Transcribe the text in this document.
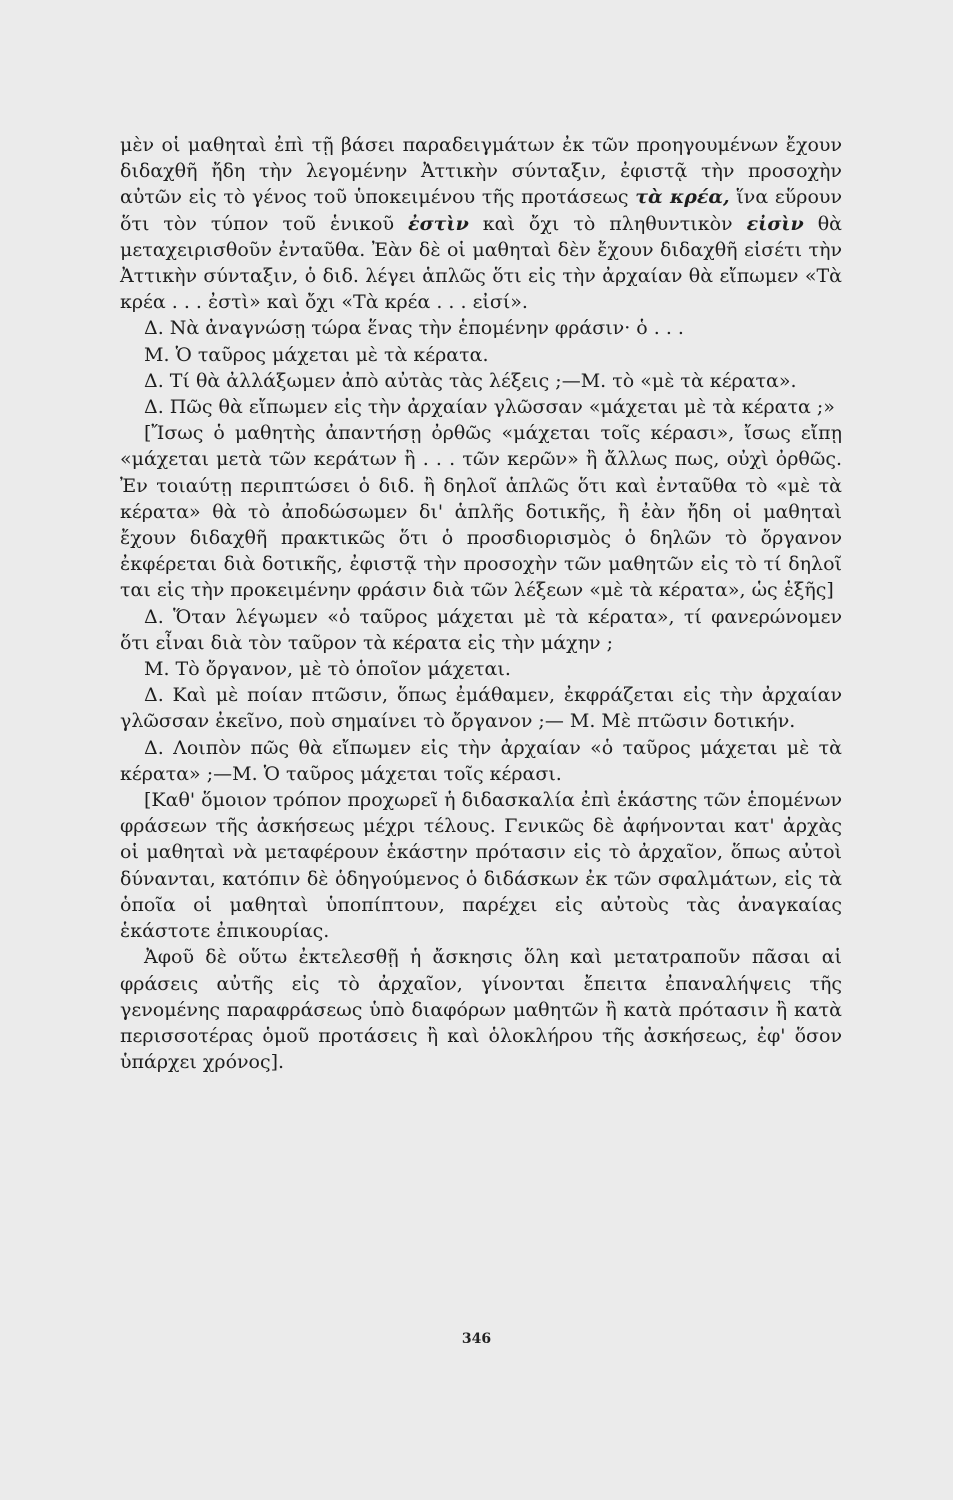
μὲν οἱ μαθηταὶ ἐπὶ τῇ βάσει παραδειγμάτων ἐκ τῶν προηγουμένων ἔχουν διδαχθῆ ἤδη τὴν λεγομένην Ἀττικὴν σύνταξιν, ἐφιστᾷ τὴν προσοχὴν αὐτῶν εἰς τὸ γένος τοῦ ὑποκειμένου τῆς προτάσεως τὰ κρέα, ἵνα εὕρουν ὅτι τὸν τύπον τοῦ ἑνικοῦ ἐστὶν καὶ ὄχι τὸ πληθυντικὸν εἰσὶν θὰ μεταχειρισθοῦν ἐνταῦθα. Ἐὰν δὲ οἱ μαθηταὶ δὲν ἔχουν διδαχθῆ εἰσέτι τὴν Ἀττικὴν σύνταξιν, ὁ διδ. λέγει ἁπλῶς ὅτι εἰς τὴν ἀρχαίαν θὰ εἴπωμεν «Τὰ κρέα . . . ἐστὶ» καὶ ὄχι «Τὰ κρέα . . . εἰσί».

Δ. Νὰ ἀναγνώσῃ τώρα ἕνας τὴν ἑπομένην φράσιν· ὁ . . .

Μ. Ὁ ταῦρος μάχεται μὲ τὰ κέρατα.

Δ. Τί θὰ ἀλλάξωμεν ἀπὸ αὐτὰς τὰς λέξεις ;—Μ. τὸ «μὲ τὰ κέρατα».

Δ. Πῶς θὰ εἴπωμεν εἰς τὴν ἀρχαίαν γλῶσσαν «μάχεται μὲ τὰ κέρατα ;»

[Ἴσως ὁ μαθητὴς ἀπαντήσῃ ὀρθῶς «μάχεται τοῖς κέρασι», ἴσως εἴπῃ «μάχεται μετὰ τῶν κεράτων ἢ . . . τῶν κερῶν» ἢ ἄλλως πως, οὐχὶ ὀρθῶς. Ἐν τοιαύτῃ περιπτώσει ὁ διδ. ἢ δηλοῖ ἁπλῶς ὅτι καὶ ἐνταῦθα τὸ «μὲ τὰ κέρατα» θὰ τὸ ἀποδώσωμεν δι' ἁπλῆς δοτικῆς, ἢ ἐὰν ἤδη οἱ μαθηταὶ ἔχουν διδαχθῆ πρακτικῶς ὅτι ὁ προσδιορισμὸς ὁ δηλῶν τὸ ὄργανον ἐκφέρεται διὰ δοτικῆς, ἐφιστᾷ τὴν προσοχὴν τῶν μαθητῶν εἰς τὸ τί δηλοῖ ται εἰς τὴν προκειμένην φράσιν διὰ τῶν λέξεων «μὲ τὰ κέρατα», ὡς ἑξῆς]

Δ. Ὅταν λέγωμεν «ὁ ταῦρος μάχεται μὲ τὰ κέρατα», τί φανερώνομεν ὅτι εἶναι διὰ τὸν ταῦρον τὰ κέρατα εἰς τὴν μάχην ;

Μ. Τὸ ὄργανον, μὲ τὸ ὁποῖον μάχεται.

Δ. Καὶ μὲ ποίαν πτῶσιν, ὅπως ἐμάθαμεν, ἐκφράζεται εἰς τὴν ἀρχαίαν γλῶσσαν ἐκεῖνο, ποὺ σημαίνει τὸ ὄργανον ;— Μ. Μὲ πτῶσιν δοτικήν.

Δ. Λοιπὸν πῶς θὰ εἴπωμεν εἰς τὴν ἀρχαίαν «ὁ ταῦρος μάχεται μὲ τὰ κέρατα» ;—Μ. Ὁ ταῦρος μάχεται τοῖς κέρασι.

[Καθ' ὅμοιον τρόπον προχωρεῖ ἡ διδασκαλία ἐπὶ ἑκάστης τῶν ἑπομένων φράσεων τῆς ἀσκήσεως μέχρι τέλους. Γενικῶς δὲ ἀφήνονται κατ' ἀρχὰς οἱ μαθηταὶ νὰ μεταφέρουν ἑκάστην πρότασιν εἰς τὸ ἀρχαῖον, ὅπως αὐτοὶ δύνανται, κατόπιν δὲ ὁδηγούμενος ὁ διδάσκων ἐκ τῶν σφαλμάτων, εἰς τὰ ὁποῖα οἱ μαθηταὶ ὑποπίπτουν, παρέχει εἰς αὐτοὺς τὰς ἀναγκαίας ἑκάστοτε ἐπικουρίας.

Ἀφοῦ δὲ οὕτω ἐκτελεσθῇ ἡ ἄσκησις ὅλη καὶ μετατραποῦν πᾶσαι αἱ φράσεις αὐτῆς εἰς τὸ ἀρχαῖον, γίνονται ἔπειτα ἐπαναλήψεις τῆς γενομένης παραφράσεως ὑπὸ διαφόρων μαθητῶν ἢ κατὰ πρότασιν ἢ κατὰ περισσοτέρας ὁμοῦ προτάσεις ἢ καὶ ὁλοκλήρου τῆς ἀσκήσεως, ἐφ' ὅσον ὑπάρχει χρόνος].

346
